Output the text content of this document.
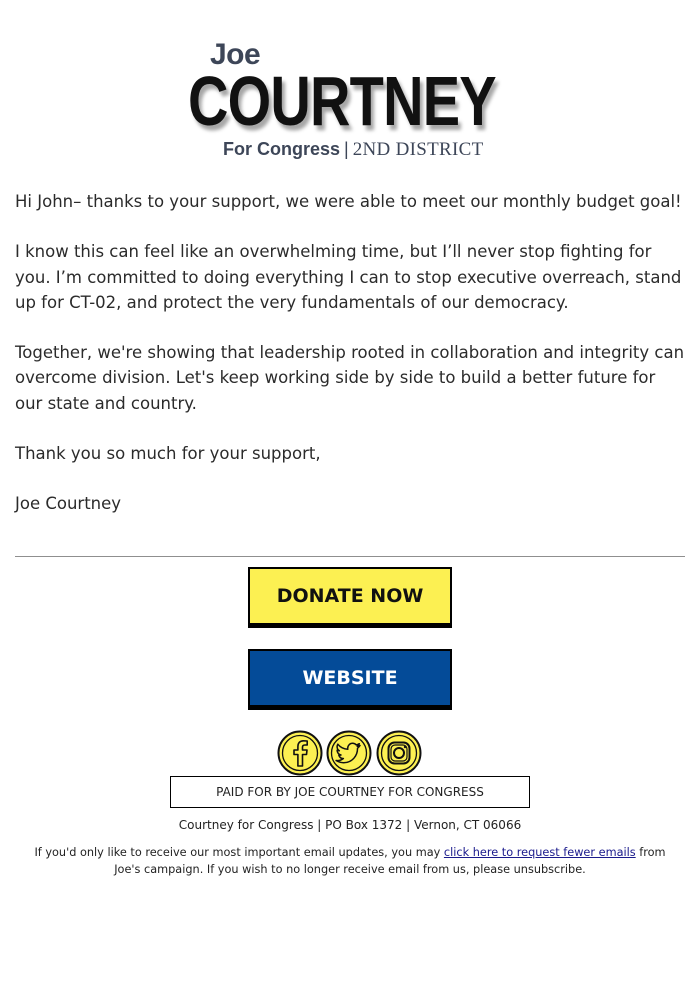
Joe
COURTNEY
For Congress | 2ND DISTRICT

Hi John– thanks to your support, we were able to meet our monthly budget goal!

I know this can feel like an overwhelming time, but I’ll never stop fighting for you. I’m committed to doing everything I can to stop executive overreach, stand up for CT-02, and protect the very fundamentals of our democracy.

Together, we're showing that leadership rooted in collaboration and integrity can overcome division. Let's keep working side by side to build a better future for our state and country.

Thank you so much for your support,

Joe Courtney

DONATE NOW
WEBSITE
PAID FOR BY JOE COURTNEY FOR CONGRESS
Courtney for Congress | PO Box 1372 | Vernon, CT 06066
If you'd only like to receive our most important email updates, you may click here to request fewer emails from Joe's campaign. If you wish to no longer receive email from us, please unsubscribe.
